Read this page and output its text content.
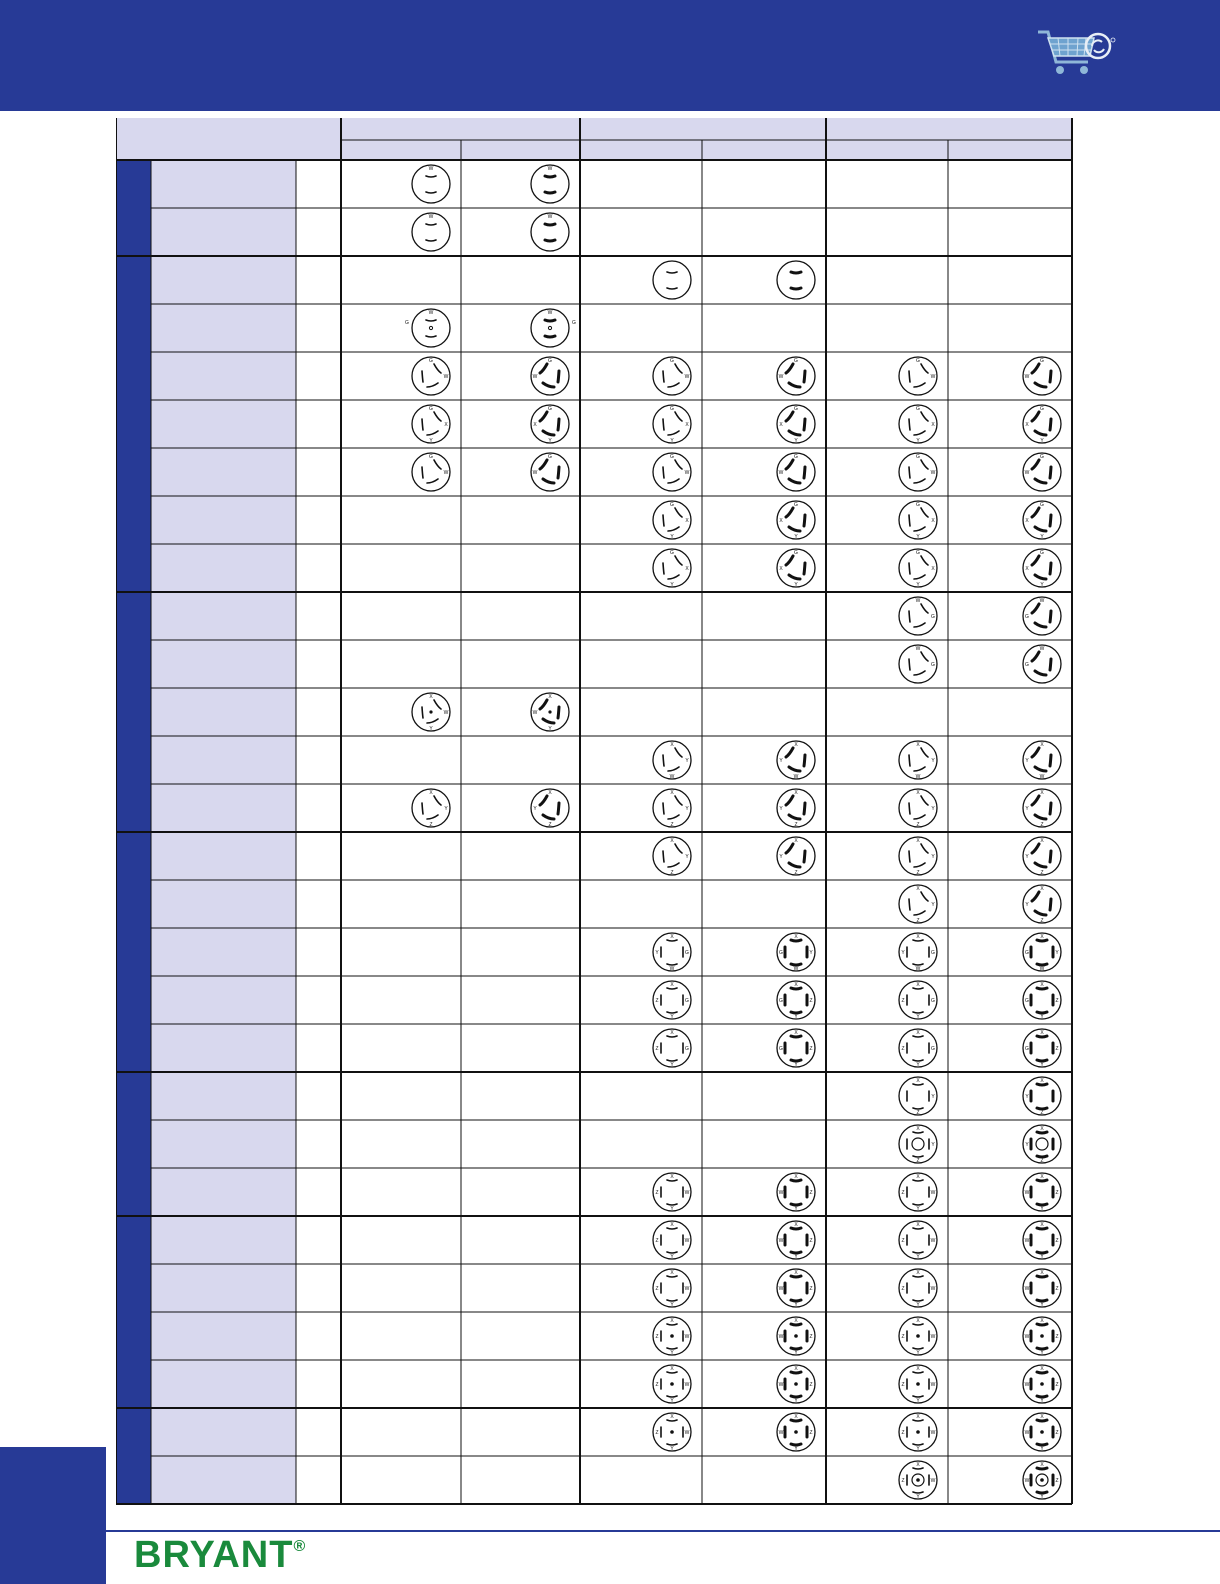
W	W
W	W
G
W
G
W
G
W
G
W
G
W
G
W
G
W
G
W
G
X
Y
G
X
Y
G
X
Y
G
X
Y
G
X
Y
G
X
Y
G
W
G
W
G
W
G
W
G
W
G
W
G
X
Y
G
X
Y
G
X
Y
G
X
Y
G
X
Y
G
X
Y
G
X
Y
G
X
Y
W
G
W
G
W
G
W
G
X
W
Y
X
W
Y
X
Y
W
X
Y
W
X
Y
W
X
Y
W
X
Y
Z
X
Y
Z
X
Y
Z
X
Y
Z
X
Y
Z
X
Y
Z
X
Y
Z
X
Y
Z
X
Y
Z
X
Y
Z
X
Y
Z
X
Y
Z
X
G
W
Y
X
G
W
Y
X
G
W
Y
X
G
W
Y
X
G
Y
Z
X
G
Y
Z
X
G
Y
Z
X
G
Y
Z
X
G
Y
Z
X
G
Y
Z
X
G
Y
Z
X
G
Y
Z
X
Y
Z
X
Y
Z
X
Y
Z
X
Y
Z
X
W
Y
Z
X
W
Y
Z
X
W
Y
Z
X
W
Y
Z
X
W
Y
Z
X
W
Y
Z
X
W
Y
Z
X
W
Y
Z
X
W
Y
Z
X
W
Y
Z
X
W
Y
Z
X
W
Y
Z
X
W
Y
Z
X
W
Y
Z
X
W
Y
Z
X
W
Y
Z
X
W
Y
Z
X
W
Y
Z
X
W
Y
Z
X
W
Y
Z
X
W
Y
Z
X
W
Y
Z
X
W
Y
Z
X
W
Y
Z
X
W
Y
Z
X
W
Y
Z
BRYANT®
